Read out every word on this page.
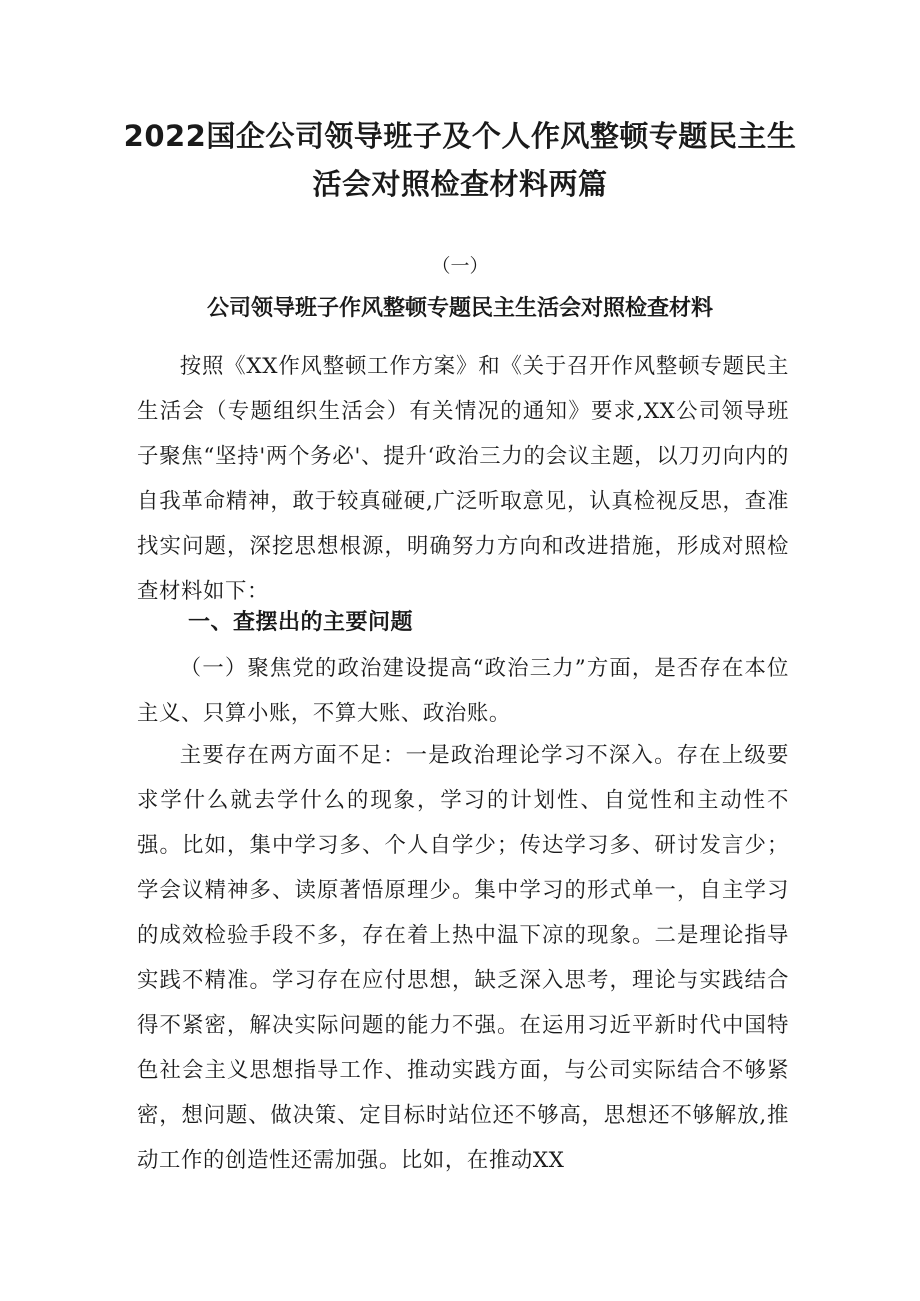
2022国企公司领导班子及个人作风整顿专题民主生活会对照检查材料两篇
（一）
公司领导班子作风整顿专题民主生活会对照检查材料

按照《XX作风整顿工作方案》和《关于召开作风整顿专题民主生活会（专题组织生活会）有关情况的通知》要求,XX公司领导班子聚焦“坚持'两个务必'、提升‘政治三力的会议主题，以刀刃向内的自我革命精神，敢于较真碰硬,广泛听取意见，认真检视反思，查准找实问题，深挖思想根源，明确努力方向和改进措施，形成对照检查材料如下：

一、查摆出的主要问题

（一）聚焦党的政治建设提高“政治三力”方面，是否存在本位主义、只算小账，不算大账、政治账。

主要存在两方面不足：一是政治理论学习不深入。存在上级要求学什么就去学什么的现象，学习的计划性、自觉性和主动性不强。比如，集中学习多、个人自学少；传达学习多、研讨发言少；学会议精神多、读原著悟原理少。集中学习的形式单一，自主学习的成效检验手段不多，存在着上热中温下凉的现象。二是理论指导实践不精准。学习存在应付思想，缺乏深入思考，理论与实践结合得不紧密，解决实际问题的能力不强。在运用习近平新时代中国特色社会主义思想指导工作、推动实践方面，与公司实际结合不够紧密，想问题、做决策、定目标时站位还不够高，思想还不够解放,推动工作的创造性还需加强。比如，在推动XX
